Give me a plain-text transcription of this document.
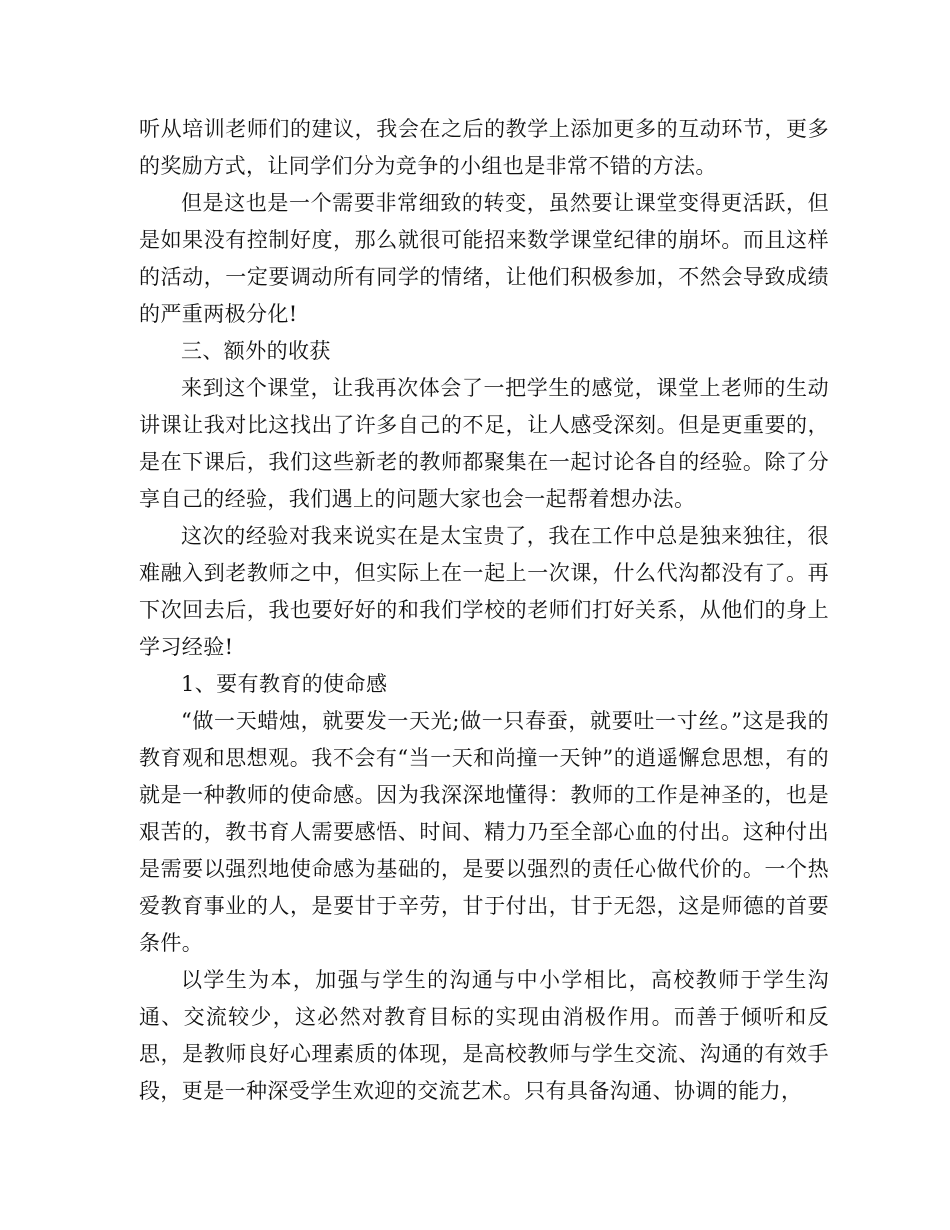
听从培训老师们的建议，我会在之后的教学上添加更多的互动环节，更多的奖励方式，让同学们分为竞争的小组也是非常不错的方法。

但是这也是一个需要非常细致的转变，虽然要让课堂变得更活跃，但是如果没有控制好度，那么就很可能招来数学课堂纪律的崩坏。而且这样的活动，一定要调动所有同学的情绪，让他们积极参加，不然会导致成绩的严重两极分化!

三、额外的收获

来到这个课堂，让我再次体会了一把学生的感觉，课堂上老师的生动讲课让我对比这找出了许多自己的不足，让人感受深刻。但是更重要的，是在下课后，我们这些新老的教师都聚集在一起讨论各自的经验。除了分享自己的经验，我们遇上的问题大家也会一起帮着想办法。

这次的经验对我来说实在是太宝贵了，我在工作中总是独来独往，很难融入到老教师之中，但实际上在一起上一次课，什么代沟都没有了。再下次回去后，我也要好好的和我们学校的老师们打好关系，从他们的身上学习经验!

1、要有教育的使命感

“做一天蜡烛，就要发一天光;做一只春蚕，就要吐一寸丝。”这是我的教育观和思想观。我不会有“当一天和尚撞一天钟”的逍遥懈怠思想，有的就是一种教师的使命感。因为我深深地懂得：教师的工作是神圣的，也是艰苦的，教书育人需要感悟、时间、精力乃至全部心血的付出。这种付出是需要以强烈地使命感为基础的，是要以强烈的责任心做代价的。一个热爱教育事业的人，是要甘于辛劳，甘于付出，甘于无怨，这是师德的首要条件。

以学生为本，加强与学生的沟通与中小学相比，高校教师于学生沟通、交流较少，这必然对教育目标的实现由消极作用。而善于倾听和反思，是教师良好心理素质的体现，是高校教师与学生交流、沟通的有效手段，更是一种深受学生欢迎的交流艺术。只有具备沟通、协调的能力，
